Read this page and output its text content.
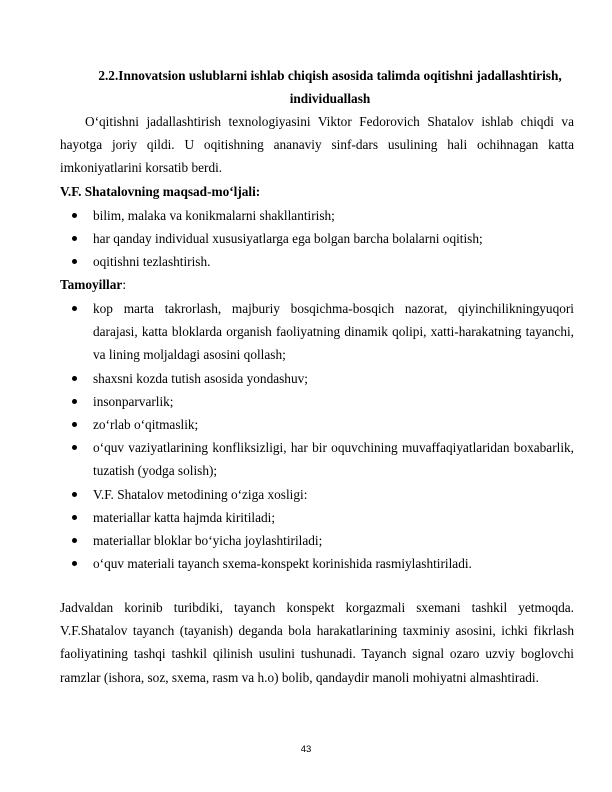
2.2.Innovatsion uslublarni ishlab chiqish asosida talimda oqitishni jadallashtirish,
individuallash
O‘qitishni jadallashtirish texnologiyasini Viktor Fedorovich Shatalov ishlab chiqdi va hayotga joriy qildi. U oqitishning ananaviy sinf-dars usulining hali ochihnagan katta imkoniyatlarini korsatib berdi.
V.F. Shatalovning maqsad-mo‘ljali:
bilim, malaka va konikmalarni shakllantirish;
har qanday individual xususiyatlarga ega bolgan barcha bolalarni oqitish;
oqitishni tezlashtirish.
Tamoyillar:
kop marta takrorlash, majburiy bosqichma-bosqich nazorat, qiyinchilikningyuqori darajasi, katta bloklarda organish faoliyatning dinamik qolipi, xatti-harakatning tayanchi, va lining moljaldagi asosini qollash;
shaxsni kozda tutish asosida yondashuv;
insonparvarlik;
zo‘rlab o‘qitmaslik;
o‘quv vaziyatlarining konfliksizligi, har bir oquvchining muvaffaqiyatlaridan boxabarlik, tuzatish (yodga solish);
V.F. Shatalov metodining o‘ziga xosligi:
materiallar katta hajmda kiritiladi;
materiallar bloklar bo‘yicha joylashtiriladi;
o‘quv materiali tayanch sxema-konspekt korinishida rasmiylashtiriladi.
Jadvaldan korinib turibdiki, tayanch konspekt korgazmali sxemani tashkil yetmoqda. V.F.Shatalov tayanch (tayanish) deganda bola harakatlarining taxminiy asosini, ichki fikrlash faoliyatining tashqi tashkil qilinish usulini tushunadi. Tayanch signal ozaro uzviy boglovchi ramzlar (ishora, soz, sxema, rasm va h.o) bolib, qandaydir manoli mohiyatni almashtiradi.
43
